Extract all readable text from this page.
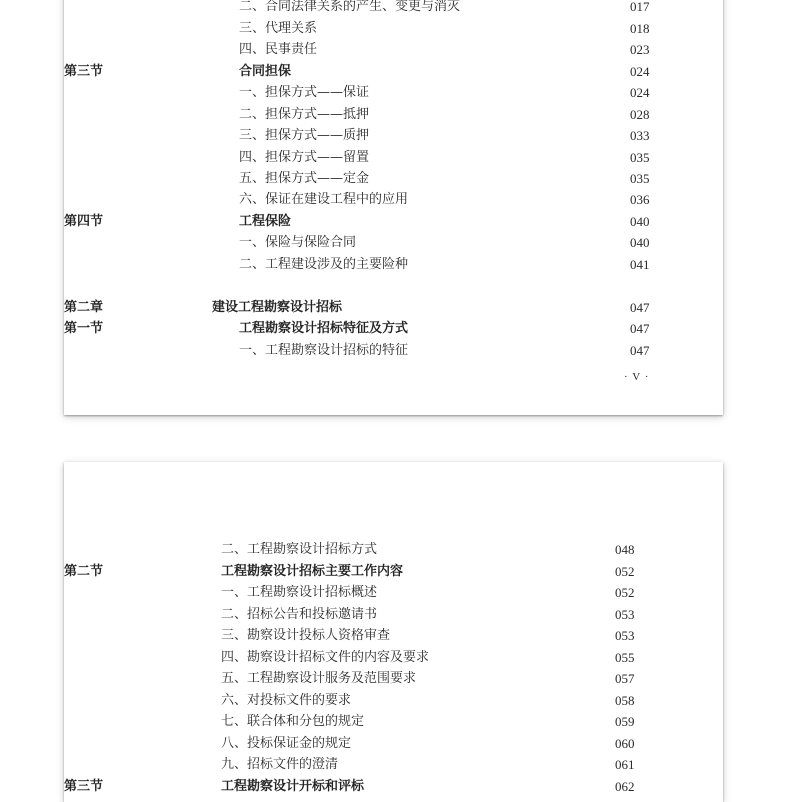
二、合同法律关系的产生、变更与消灭	017
三、代理关系	018
四、民事责任	023
第三节	合同担保	024
一、担保方式——保证	024
二、担保方式——抵押	028
三、担保方式——质押	033
四、担保方式——留置	035
五、担保方式——定金	035
六、保证在建设工程中的应用	036
第四节	工程保险	040
一、保险与保险合同	040
二、工程建设涉及的主要险种	041
第二章	建设工程勘察设计招标	047
第一节	工程勘察设计招标特征及方式	047
一、工程勘察设计招标的特征	047
· V ·
二、工程勘察设计招标方式	048
第二节	工程勘察设计招标主要工作内容	052
一、工程勘察设计招标概述	052
二、招标公告和投标邀请书	053
三、勘察设计投标人资格审查	053
四、勘察设计招标文件的内容及要求	055
五、工程勘察设计服务及范围要求	057
六、对投标文件的要求	058
七、联合体和分包的规定	059
八、投标保证金的规定	060
九、招标文件的澄清	061
第三节	工程勘察设计开标和评标	062
